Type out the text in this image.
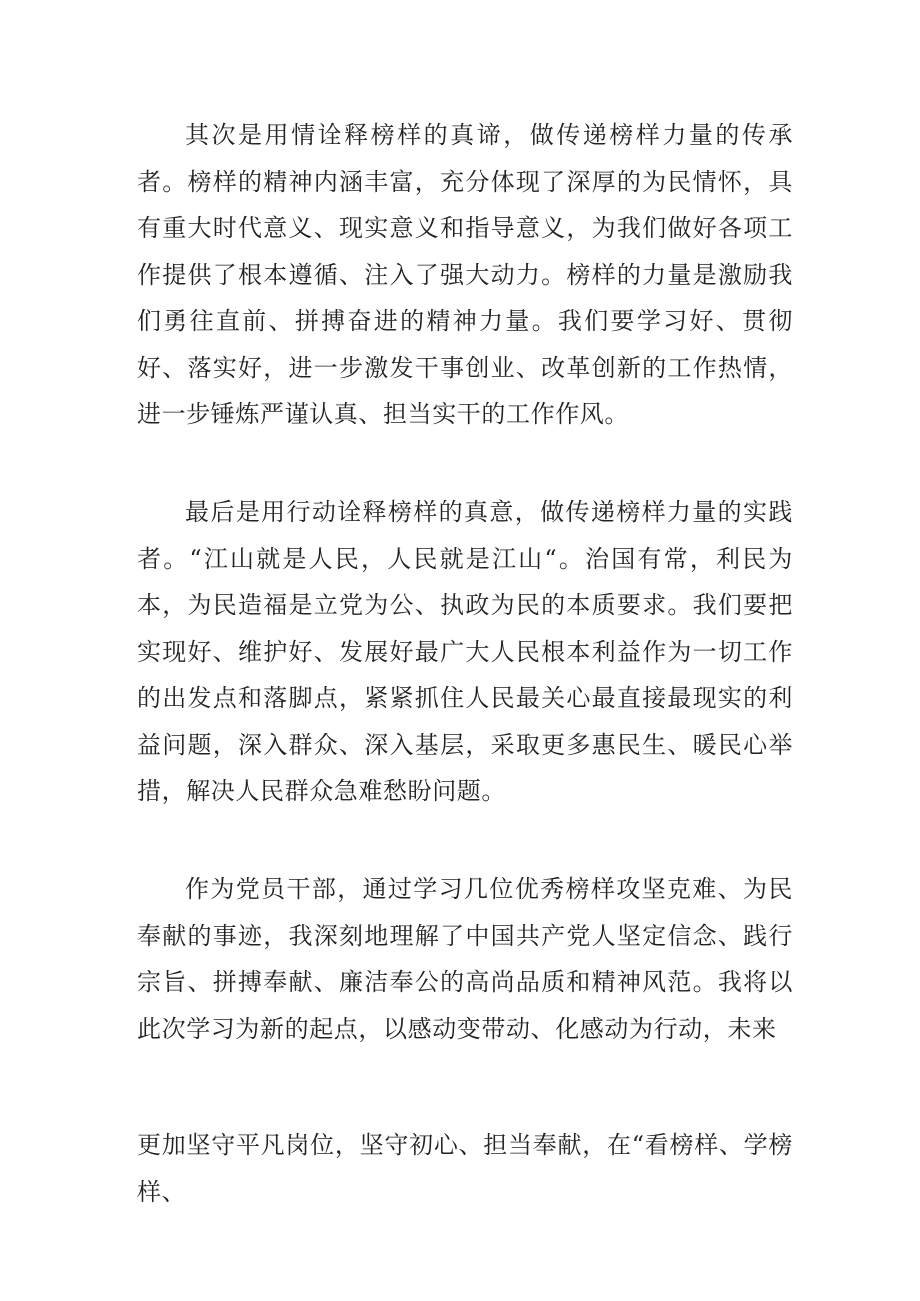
其次是用情诠释榜样的真谛，做传递榜样力量的传承者。榜样的精神内涵丰富，充分体现了深厚的为民情怀，具有重大时代意义、现实意义和指导意义，为我们做好各项工作提供了根本遵循、注入了强大动力。榜样的力量是激励我们勇往直前、拼搏奋进的精神力量。我们要学习好、贯彻好、落实好，进一步激发干事创业、改革创新的工作热情，进一步锤炼严谨认真、担当实干的工作作风。

最后是用行动诠释榜样的真意，做传递榜样力量的实践者。“江山就是人民，人民就是江山“。治国有常，利民为本，为民造福是立党为公、执政为民的本质要求。我们要把实现好、维护好、发展好最广大人民根本利益作为一切工作的出发点和落脚点，紧紧抓住人民最关心最直接最现实的利益问题，深入群众、深入基层，采取更多惠民生、暖民心举措，解决人民群众急难愁盼问题。

作为党员干部，通过学习几位优秀榜样攻坚克难、为民奉献的事迹，我深刻地理解了中国共产党人坚定信念、践行宗旨、拼搏奉献、廉洁奉公的高尚品质和精神风范。我将以此次学习为新的起点，以感动变带动、化感动为行动，未来

更加坚守平凡岗位，坚守初心、担当奉献，在“看榜样、学榜样、
